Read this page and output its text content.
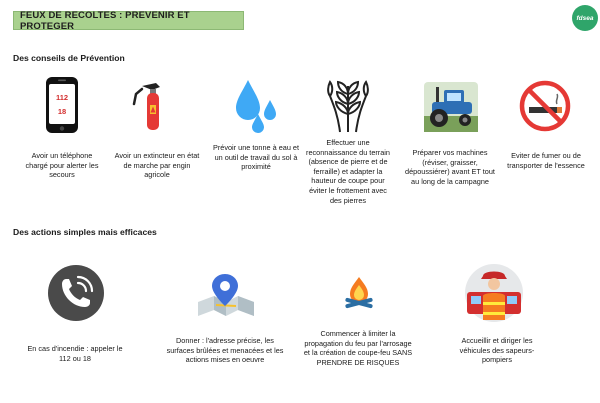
FEUX DE RECOLTES : PREVENIR ET PROTEGER
fdsea
Des conseils de Prévention
112
18
Avoir un téléphone chargé pour alerter les secours
Avoir un extincteur en état de marche par engin agricole
Prévoir une tonne à eau et un outil de travail du sol à proximité
Effectuer une reconnaissance du terrain (absence de pierre et de ferraille) et adapter la hauteur de coupe pour éviter le frottement avec des pierres
Préparer vos machines (réviser, graisser, dépoussiérer) avant ET tout au long de la campagne
Eviter de fumer ou de transporter de l'essence
Des actions simples mais efficaces
En cas d'incendie : appeler le 112 ou 18
Donner : l'adresse précise, les surfaces brûlées et menacées et les actions mises en oeuvre
Commencer à limiter la propagation du feu par l'arrosage et la création de coupe-feu SANS PRENDRE DE RISQUES
Accueillir et diriger les véhicules des sapeurs-pompiers
